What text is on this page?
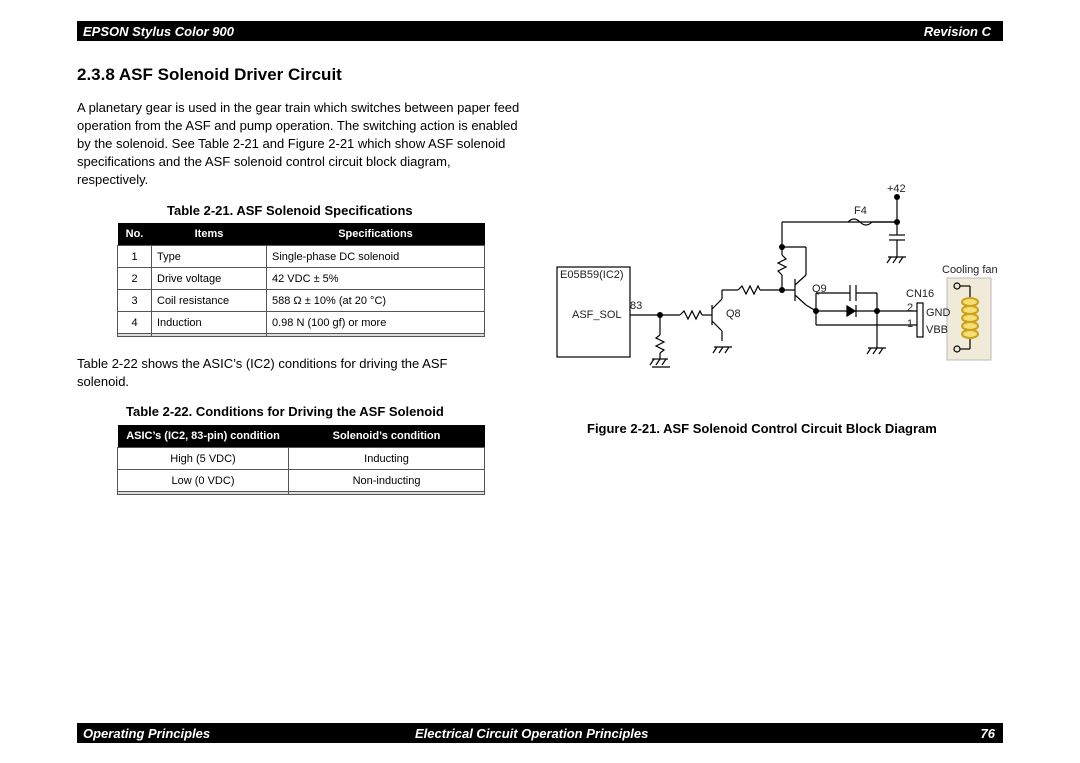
EPSON Stylus Color 900	Revision C
2.3.8 ASF Solenoid Driver Circuit

A planetary gear is used in the gear train which switches between paper feed operation from the ASF and pump operation. The switching action is enabled by the solenoid. See Table 2-21 and Figure 2-21 which show ASF solenoid specifications and the ASF solenoid control circuit block diagram, respectively.

Table 2-21. ASF Solenoid Specifications

No.	Items	Specifications
1	Type	Single-phase DC solenoid
2	Drive voltage	42 VDC ± 5%
3	Coil resistance	588 Ω ± 10% (at 20 °C)
4	Induction	0.98 N (100 gf) or more

Table 2-22 shows the ASIC’s (IC2) conditions for driving the ASF solenoid.

Table 2-22. Conditions for Driving the ASF Solenoid

ASIC’s (IC2, 83-pin) condition	Solenoid’s condition
High (5 VDC)	Inducting
Low (0 VDC)	Non-inducting

E05B59(IC2)
ASF_SOL
83
Q8
Q9
+42
F4
CN16
2
1
GND
VBB
Cooling fan

Figure 2-21. ASF Solenoid Control Circuit Block Diagram

Operating Principles	Electrical Circuit Operation Principles	76
